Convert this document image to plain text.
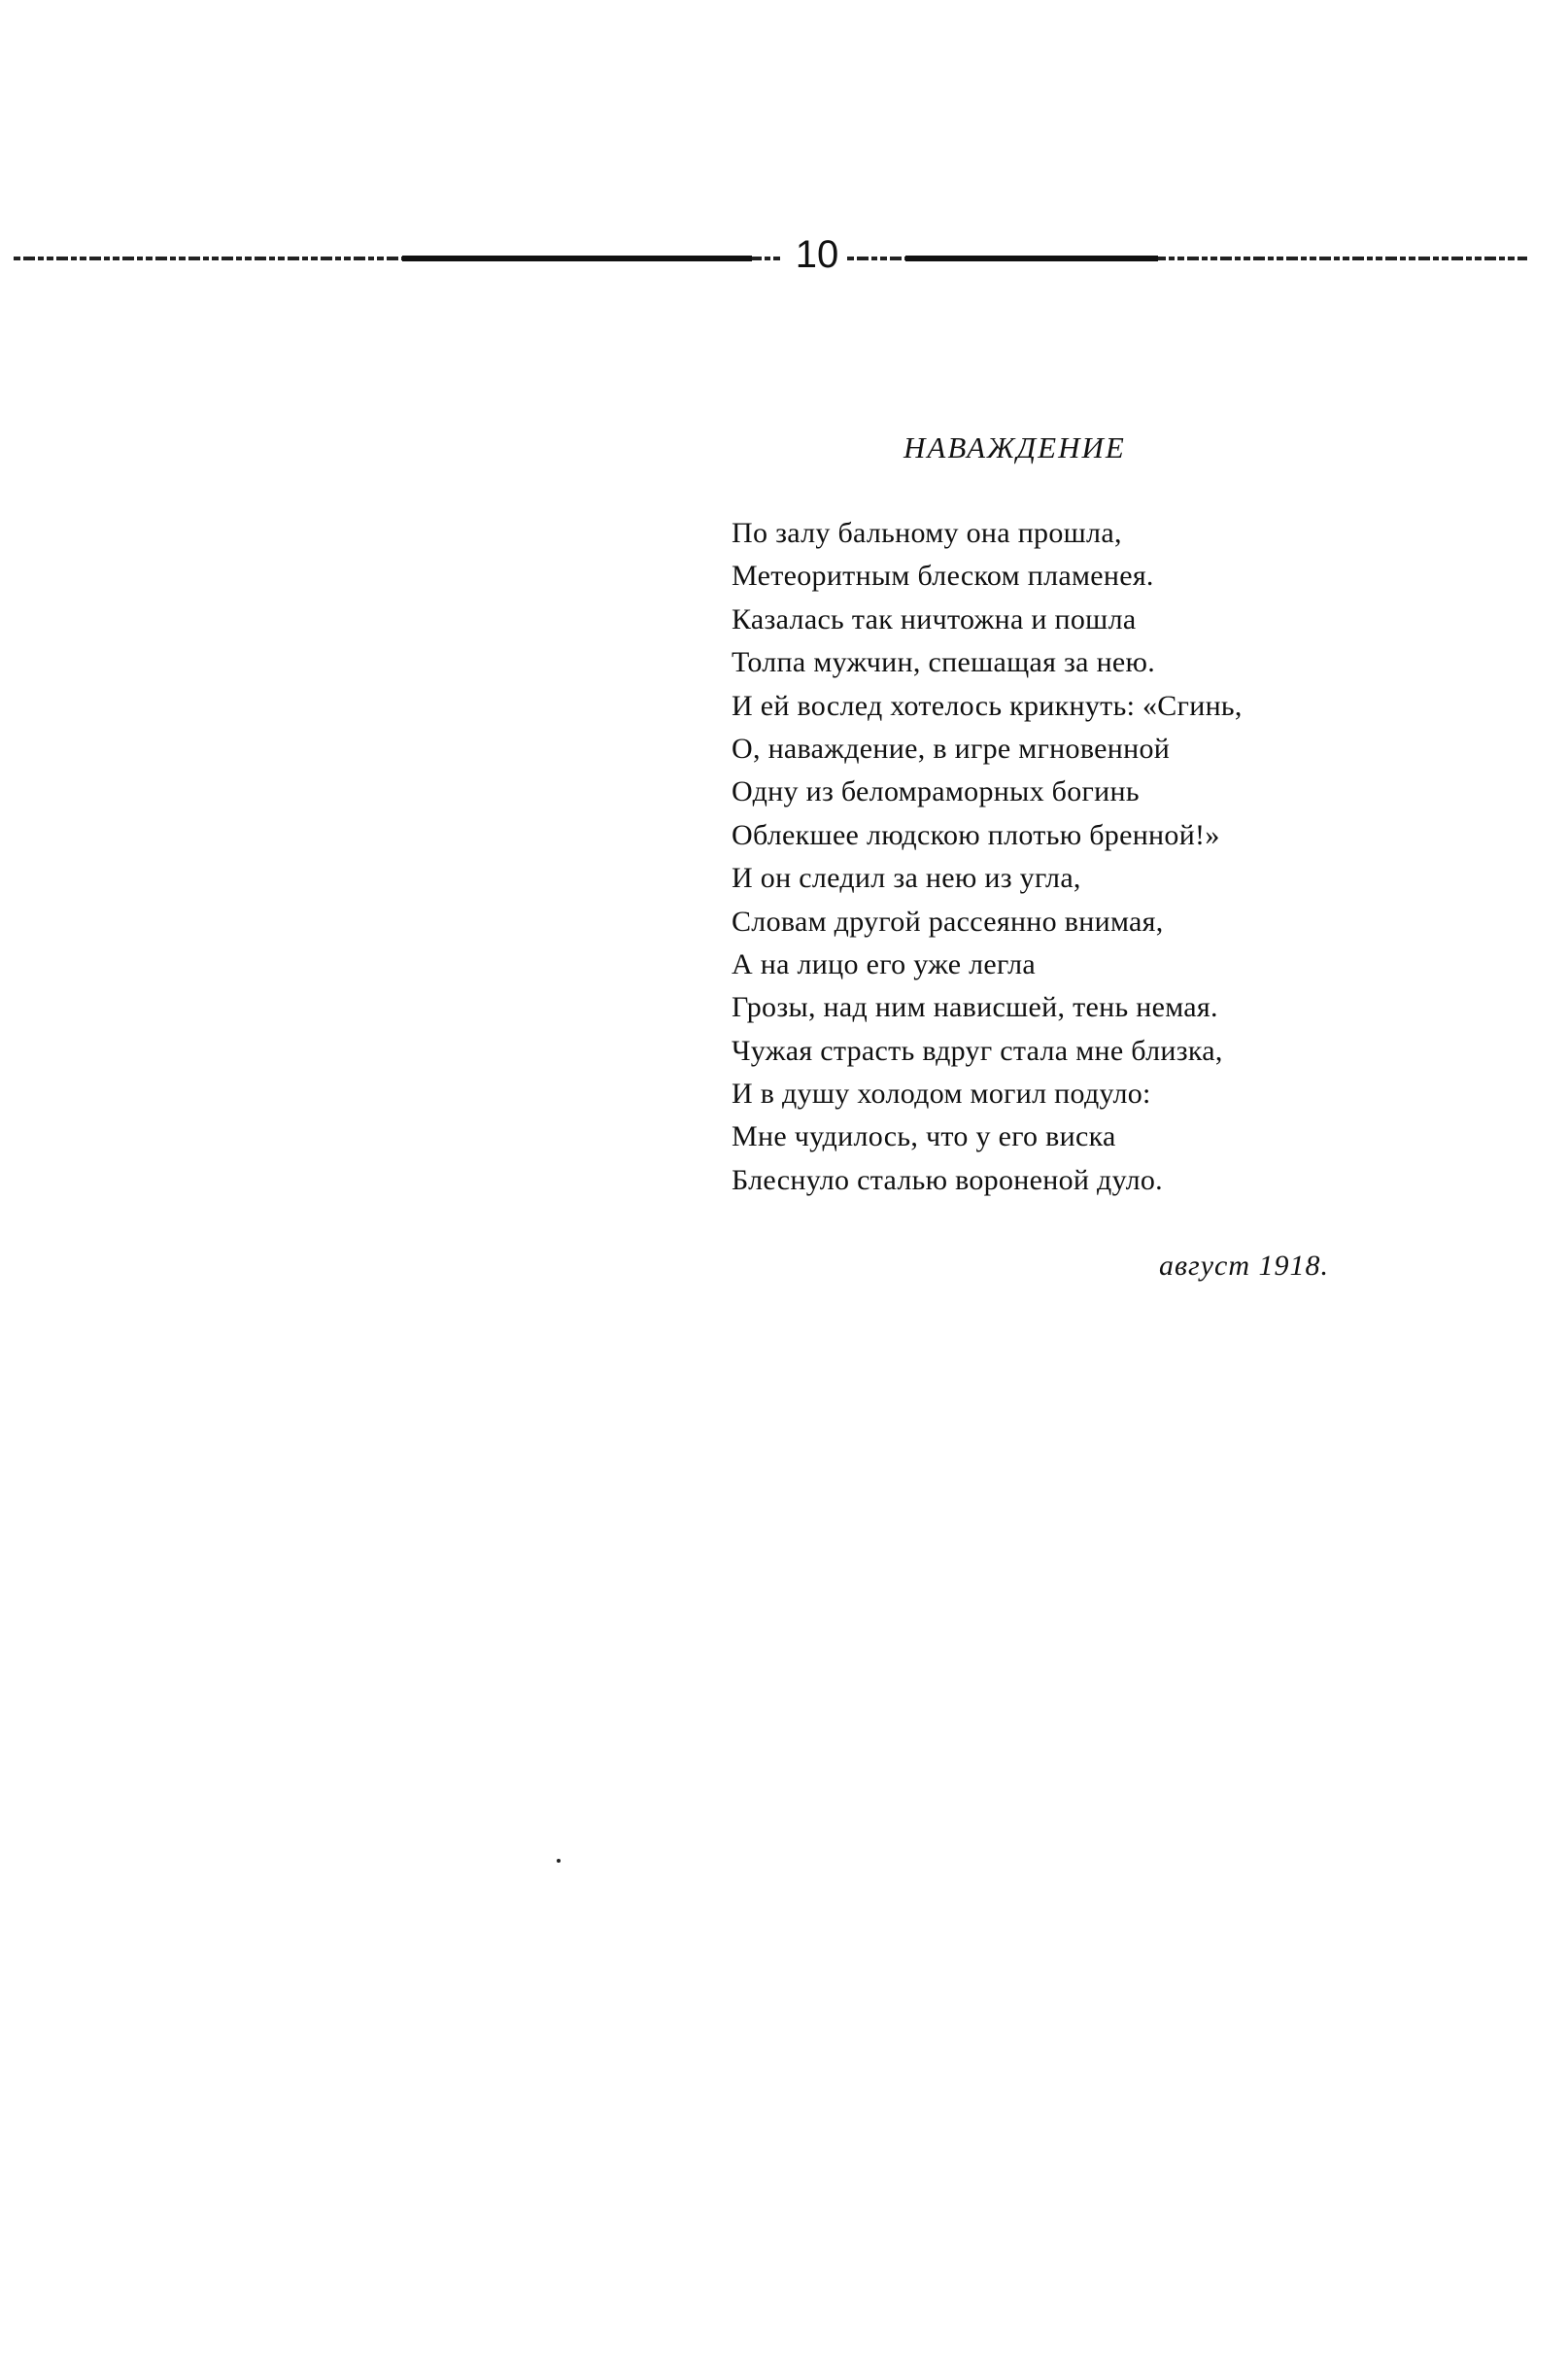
10
НАВАЖДЕНИЕ
По залу бальному она прошла,
Метеоритным блеском пламенея.
Казалась так ничтожна и пошла
Толпа мужчин, спешащая за нею.
И ей вослед хотелось крикнуть: «Сгинь,
О, наваждение, в игре мгновенной
Одну из беломраморных богинь
Облекшее людскою плотью бренной!»
И он следил за нею из угла,
Словам другой рассеянно внимая,
А на лицо его уже легла
Грозы, над ним нависшей, тень немая.
Чужая страсть вдруг стала мне близка,
И в душу холодом могил подуло:
Мне чудилось, что у его виска
Блеснуло сталью вороненой дуло.
август 1918.
